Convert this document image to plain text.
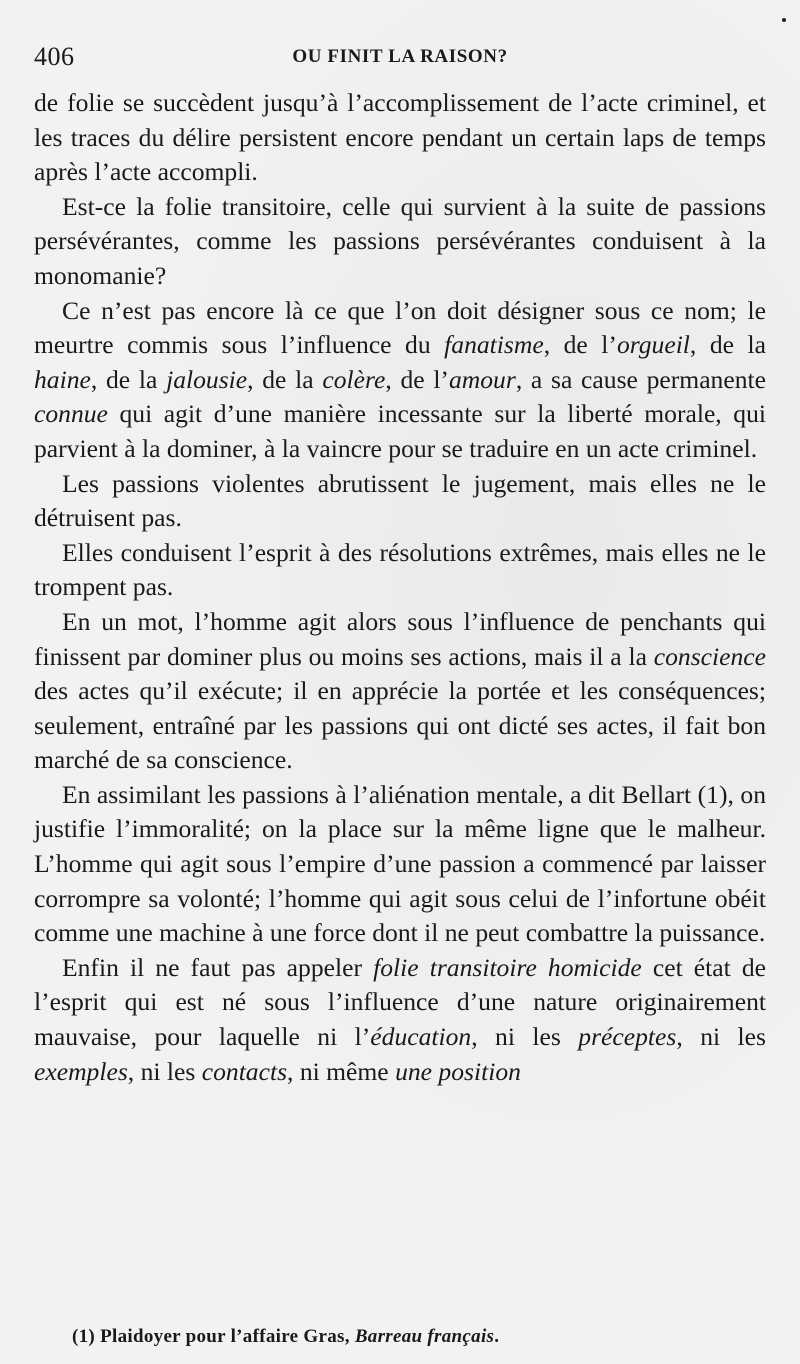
406	OU FINIT LA RAISON?

de folie se succèdent jusqu’à l’accomplissement de l’acte criminel, et les traces du délire persistent encore pendant un certain laps de temps après l’acte accompli.

Est-ce la folie transitoire, celle qui survient à la suite de passions persévérantes, comme les passions persévérantes conduisent à la monomanie?

Ce n’est pas encore là ce que l’on doit désigner sous ce nom; le meurtre commis sous l’influence du fanatisme, de l’orgueil, de la haine, de la jalousie, de la colère, de l’amour, a sa cause permanente connue qui agit d’une manière incessante sur la liberté morale, qui parvient à la dominer, à la vaincre pour se traduire en un acte criminel.

Les passions violentes abrutissent le jugement, mais elles ne le détruisent pas.

Elles conduisent l’esprit à des résolutions extrêmes, mais elles ne le trompent pas.

En un mot, l’homme agit alors sous l’influence de penchants qui finissent par dominer plus ou moins ses actions, mais il a la conscience des actes qu’il exécute; il en apprécie la portée et les conséquences; seulement, entraîné par les passions qui ont dicté ses actes, il fait bon marché de sa conscience.

En assimilant les passions à l’aliénation mentale, a dit Bellart (1), on justifie l’immoralité; on la place sur la même ligne que le malheur. L’homme qui agit sous l’empire d’une passion a commencé par laisser corrompre sa volonté; l’homme qui agit sous celui de l’infortune obéit comme une machine à une force dont il ne peut combattre la puissance.

Enfin il ne faut pas appeler folie transitoire homicide cet état de l’esprit qui est né sous l’influence d’une nature originairement mauvaise, pour laquelle ni l’éducation, ni les préceptes, ni les exemples, ni les contacts, ni même une position

(1) Plaidoyer pour l’affaire Gras, Barreau français.
